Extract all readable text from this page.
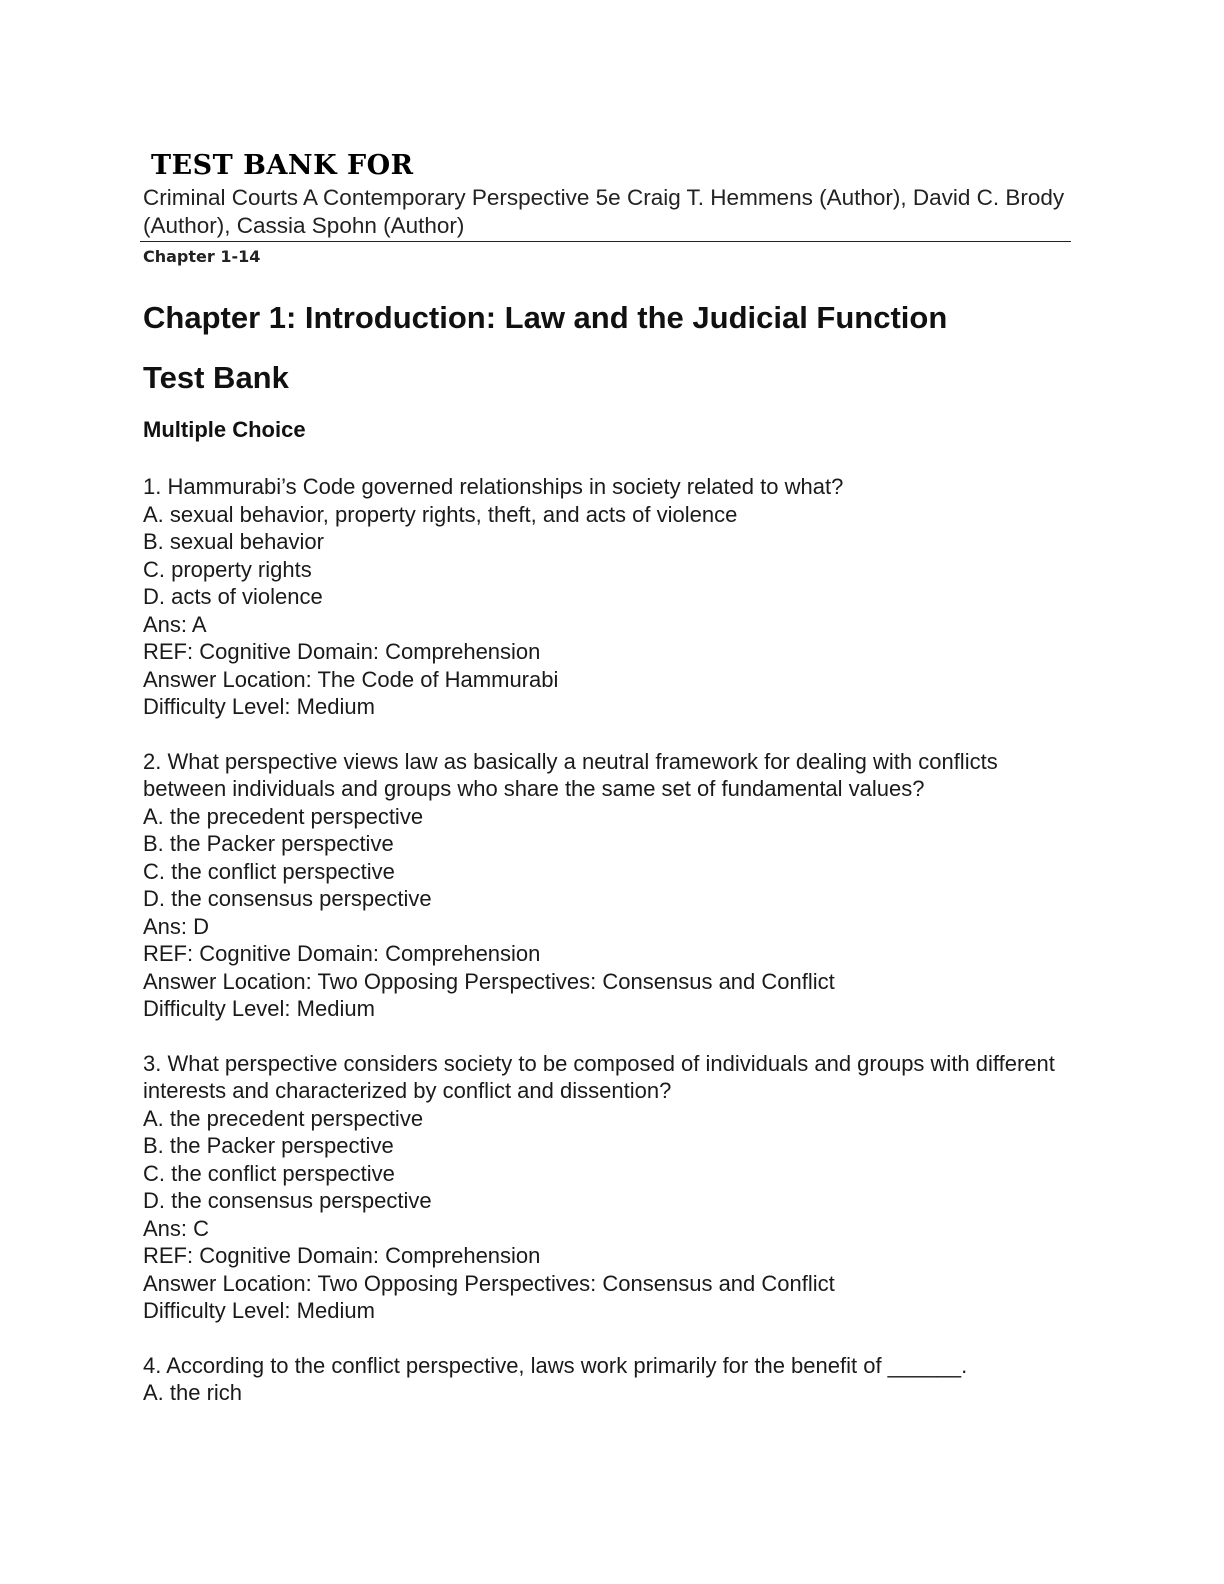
TEST BANK FOR
Criminal Courts A Contemporary Perspective 5e Craig T. Hemmens (Author), David C. Brody (Author), Cassia Spohn (Author)
Chapter 1-14
Chapter 1: Introduction: Law and the Judicial Function
Test Bank
Multiple Choice
1. Hammurabi’s Code governed relationships in society related to what?
A. sexual behavior, property rights, theft, and acts of violence
B. sexual behavior
C. property rights
D. acts of violence
Ans: A
REF: Cognitive Domain: Comprehension
Answer Location: The Code of Hammurabi
Difficulty Level: Medium
2. What perspective views law as basically a neutral framework for dealing with conflicts between individuals and groups who share the same set of fundamental values?
A. the precedent perspective
B. the Packer perspective
C. the conflict perspective
D. the consensus perspective
Ans: D
REF: Cognitive Domain: Comprehension
Answer Location: Two Opposing Perspectives: Consensus and Conflict
Difficulty Level: Medium
3. What perspective considers society to be composed of individuals and groups with different interests and characterized by conflict and dissention?
A. the precedent perspective
B. the Packer perspective
C. the conflict perspective
D. the consensus perspective
Ans: C
REF: Cognitive Domain: Comprehension
Answer Location: Two Opposing Perspectives: Consensus and Conflict
Difficulty Level: Medium
4. According to the conflict perspective, laws work primarily for the benefit of ______.
A. the rich
